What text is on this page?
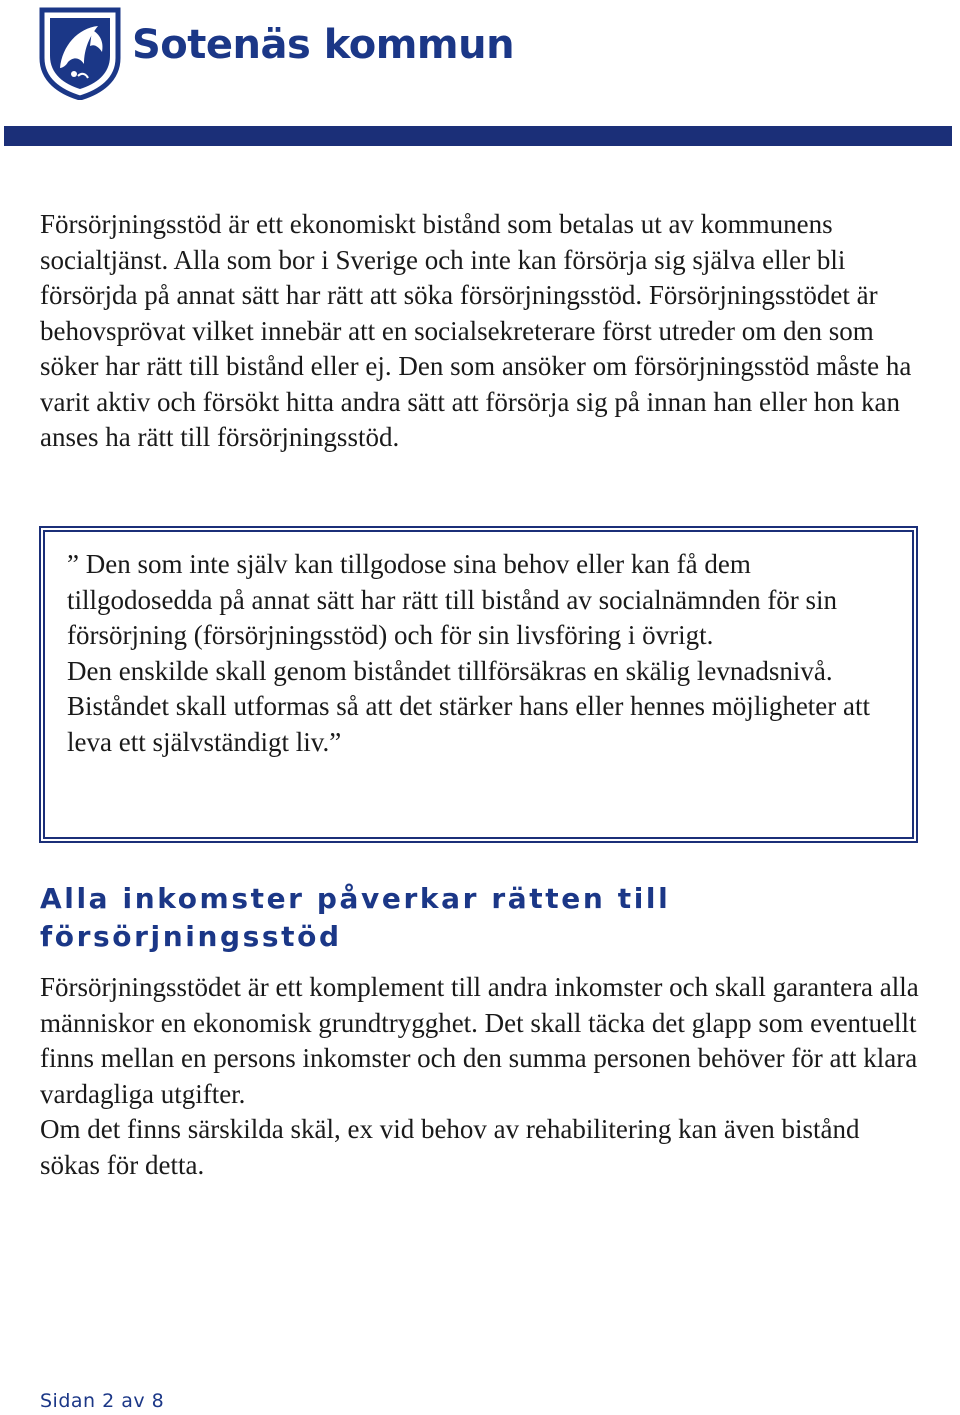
Sotenäs kommun

Försörjningsstöd är ett ekonomiskt bistånd som betalas ut av kommunens socialtjänst. Alla som bor i Sverige och inte kan försörja sig själva eller bli försörjda på annat sätt har rätt att söka försörjningsstöd. Försörjningsstödet är behovsprövat vilket innebär att en socialsekreterare först utreder om den som söker har rätt till bistånd eller ej. Den som ansöker om försörjningsstöd måste ha varit aktiv och försökt hitta andra sätt att försörja sig på innan han eller hon kan anses ha rätt till försörjningsstöd.

” Den som inte själv kan tillgodose sina behov eller kan få dem tillgodosedda på annat sätt har rätt till bistånd av socialnämnden för sin försörjning (försörjningsstöd) och för sin livsföring i övrigt.
Den enskilde skall genom biståndet tillförsäkras en skälig levnadsnivå. Biståndet skall utformas så att det stärker hans eller hennes möjligheter att leva ett självständigt liv.”

Alla inkomster påverkar rätten till försörjningsstöd

Försörjningsstödet är ett komplement till andra inkomster och skall garantera alla människor en ekonomisk grundtrygghet. Det skall täcka det glapp som eventuellt finns mellan en persons inkomster och den summa personen behöver för att klara vardagliga utgifter.
Om det finns särskilda skäl, ex vid behov av rehabilitering kan även bistånd sökas för detta.

Sidan 2 av 8
